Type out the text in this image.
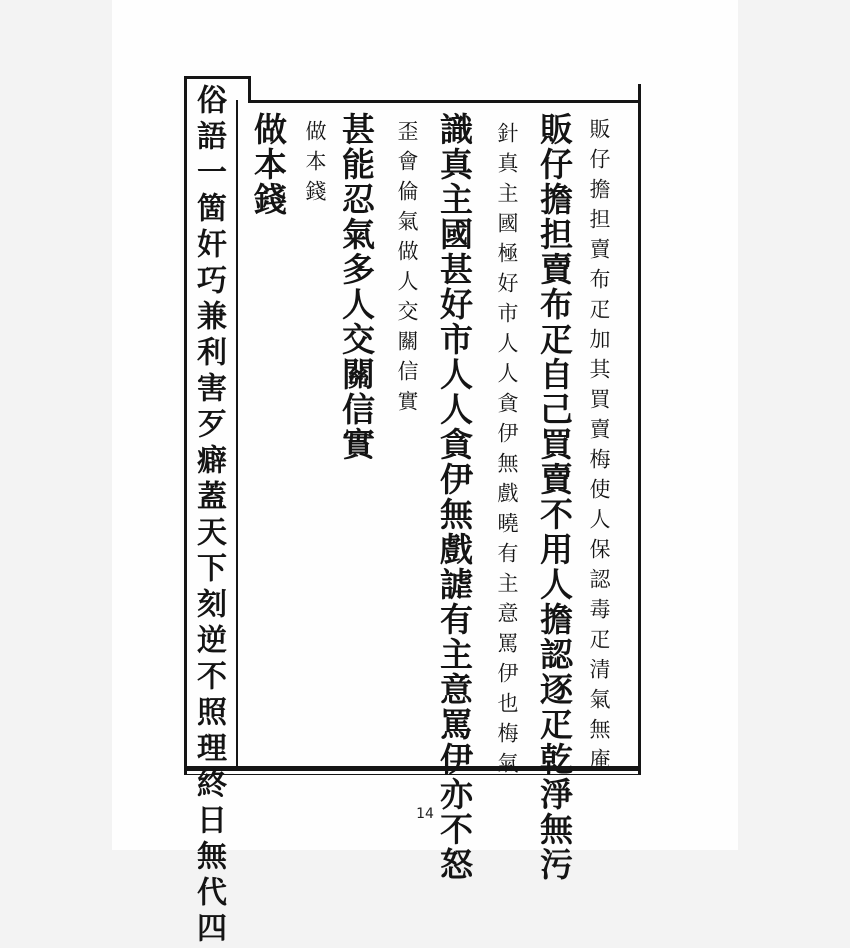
俗語一箇奸巧兼利害歹癖蓋天下刻逆不照理終日無代四	販仔擔担賣布疋加其買賣梅使人保認毒疋清氣無庵
販仔擔担賣布疋自己買賣不用人擔認逐疋乾淨無污
針真主國極好市人人貪伊無戲曉有主意罵伊也梅氣
識真主國甚好市人人貪伊無戲謔有主意罵伊亦不怒
歪會倫氣做人交關信實
甚能忍氣多人交關信實
做本錢
做本錢
14
